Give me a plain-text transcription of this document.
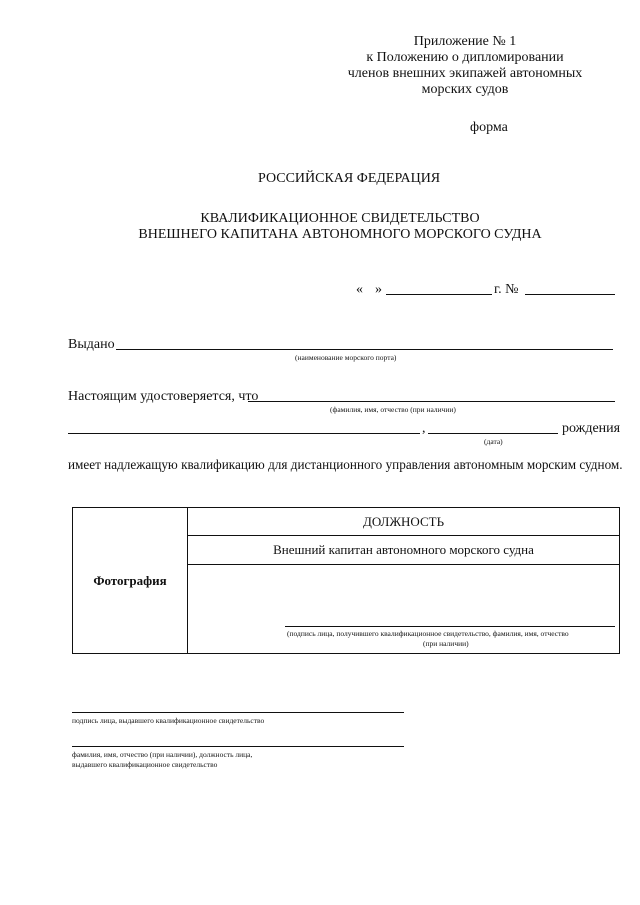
Приложение № 1
к Положению о дипломировании
членов внешних экипажей автономных
морских судов
форма
РОССИЙСКАЯ ФЕДЕРАЦИЯ
КВАЛИФИКАЦИОННОЕ СВИДЕТЕЛЬСТВО
ВНЕШНЕГО КАПИТАНА АВТОНОМНОГО МОРСКОГО СУДНА
« »	г. №
Выдано
(наименование морского порта)
Настоящим удостоверяется, что
(фамилия, имя, отчество (при наличии)
,	рождения
(дата)
имеет надлежащую квалификацию для дистанционного управления автономным морским судном.
Фотография
ДОЛЖНОСТЬ
Внешний капитан автономного морского судна
(подпись лица, получившего квалификационное свидетельство, фамилия, имя, отчество
(при наличии)
подпись лица, выдавшего квалификационное свидетельство
фамилия, имя, отчество (при наличии), должность лица,
выдавшего квалификационное свидетельство
